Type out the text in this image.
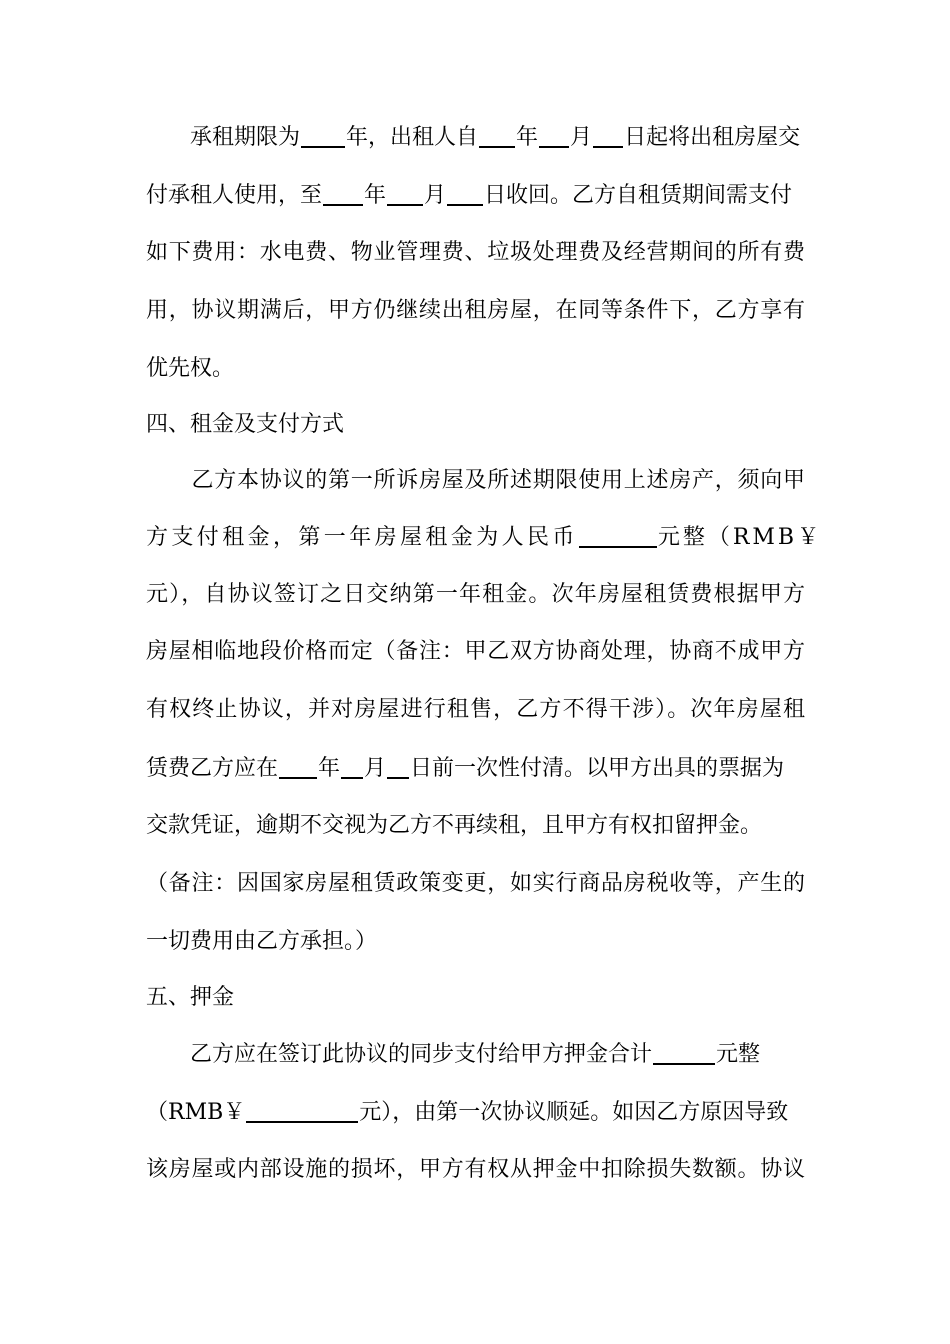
　　承租期限为 年，出租人自 年 月 日起将出租房屋交
付承租人使用，至 年 月 日收回。乙方自租赁期间需支付
如下费用：水电费、物业管理费、垃圾处理费及经营期间的所有费
用，协议期满后，甲方仍继续出租房屋，在同等条件下，乙方享有
优先权。
四、租金及支付方式
　　乙方本协议的第一所诉房屋及所述期限使用上述房产，须向甲
方支付租金，第一年房屋租金为人民币	元整（RMB￥
元），自协议签订之日交纳第一年租金。次年房屋租赁费根据甲方
房屋相临地段价格而定（备注：甲乙双方协商处理，协商不成甲方
有权终止协议，并对房屋进行租售，乙方不得干涉）。次年房屋租
赁费乙方应在 年 月 日前一次性付清。以甲方出具的票据为
交款凭证，逾期不交视为乙方不再续租，且甲方有权扣留押金。
（备注：因国家房屋租赁政策变更，如实行商品房税收等，产生的
一切费用由乙方承担。）
五、押金
　　乙方应在签订此协议的同步支付给甲方押金合计	元整
（RMB￥	元），由第一次协议顺延。如因乙方原因导致
该房屋或内部设施的损坏，甲方有权从押金中扣除损失数额。协议
